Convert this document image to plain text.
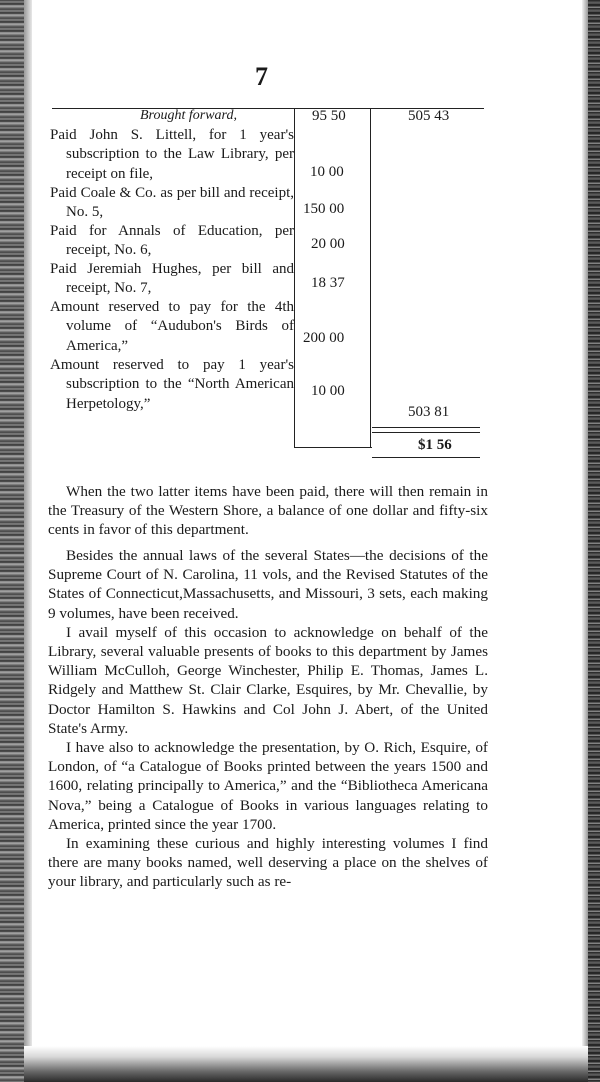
7
Brought forward,	95 50	505 43
Paid John S. Littell, for 1 year's subscription to the Law Library, per receipt on file,
Paid Coale & Co. as per bill and receipt, No. 5,
Paid for Annals of Education, per receipt, No. 6,
Paid Jeremiah Hughes, per bill and receipt, No. 7,
Amount reserved to pay for the 4th volume of “Audubon's Birds of America,”
Amount reserved to pay 1 year's subscription to the “North American Herpetology,”
10 00
150 00
20 00
18 37
200 00
10 00
503 81
$1 56

When the two latter items have been paid, there will then remain in the Treasury of the Western Shore, a balance of one dollar and fifty-six cents in favor of this department.

Besides the annual laws of the several States—the decisions of the Supreme Court of N. Carolina, 11 vols, and the Revised Statutes of the States of Connecticut,Massachusetts, and Missouri, 3 sets, each making 9 volumes, have been received.

I avail myself of this occasion to acknowledge on behalf of the Library, several valuable presents of books to this department by James William McCulloh, George Winchester, Philip E. Thomas, James L. Ridgely and Matthew St. Clair Clarke, Esquires, by Mr. Chevallie, by Doctor Hamilton S. Hawkins and Col John J. Abert, of the United State's Army.

I have also to acknowledge the presentation, by O. Rich, Esquire, of London, of “a Catalogue of Books printed between the years 1500 and 1600, relating principally to America,” and the “Bibliotheca Americana Nova,” being a Catalogue of Books in various languages relating to America, printed since the year 1700.

In examining these curious and highly interesting volumes I find there are many books named, well deserving a place on the shelves of your library, and particularly such as re-
